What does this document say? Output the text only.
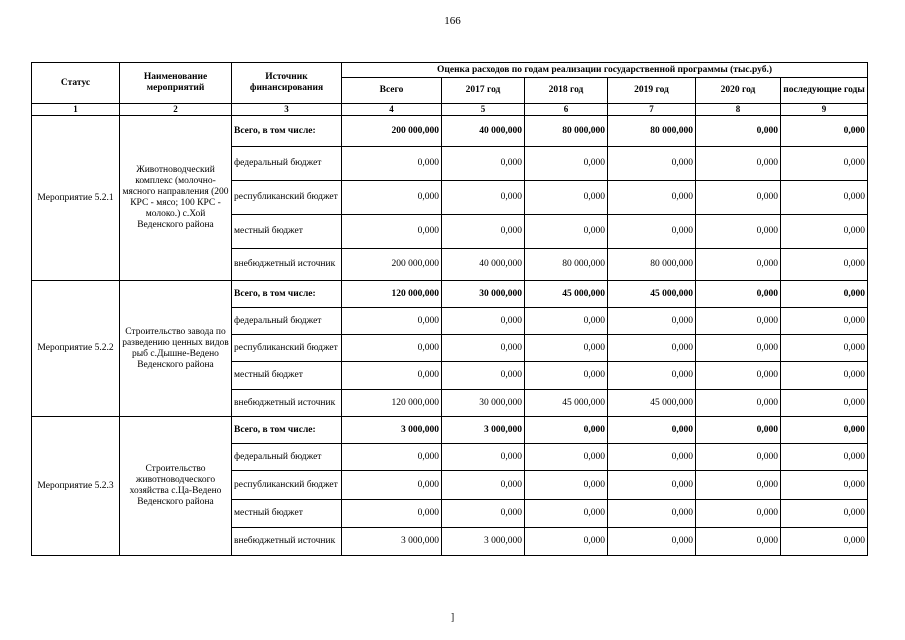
166
Статус	Наименование мероприятий	Источник финансирования	Оценка расходов по годам реализации государственной программы (тыс.руб.)					
			Всего	2017 год	2018 год	2019 год	2020 год	последующие годы
1	2	3	4	5	6	7	8	9
Мероприятие 5.2.1	Животноводческий комплекс (молочно-мясного направления (200 КРС - мясо; 100 КРС - молоко.) с.Хой Веденского района	Всего, в том числе:	200 000,000	40 000,000	80 000,000	80 000,000	0,000	0,000
		федеральный бюджет	0,000	0,000	0,000	0,000	0,000	0,000
		республиканский бюджет	0,000	0,000	0,000	0,000	0,000	0,000
		местный бюджет	0,000	0,000	0,000	0,000	0,000	0,000
		внебюджетный источник	200 000,000	40 000,000	80 000,000	80 000,000	0,000	0,000
Мероприятие 5.2.2	Строительство завода по разведению ценных видов рыб с.Дышне-Ведено Веденского района	Всего, в том числе:	120 000,000	30 000,000	45 000,000	45 000,000	0,000	0,000
		федеральный бюджет	0,000	0,000	0,000	0,000	0,000	0,000
		республиканский бюджет	0,000	0,000	0,000	0,000	0,000	0,000
		местный бюджет	0,000	0,000	0,000	0,000	0,000	0,000
		внебюджетный источник	120 000,000	30 000,000	45 000,000	45 000,000	0,000	0,000
Мероприятие 5.2.3	Строительство животноводческого хозяйства с.Ца-Ведено Веденского района	Всего, в том числе:	3 000,000	3 000,000	0,000	0,000	0,000	0,000
		федеральный бюджет	0,000	0,000	0,000	0,000	0,000	0,000
		республиканский бюджет	0,000	0,000	0,000	0,000	0,000	0,000
		местный бюджет	0,000	0,000	0,000	0,000	0,000	0,000
		внебюджетный источник	3 000,000	3 000,000	0,000	0,000	0,000	0,000
]
